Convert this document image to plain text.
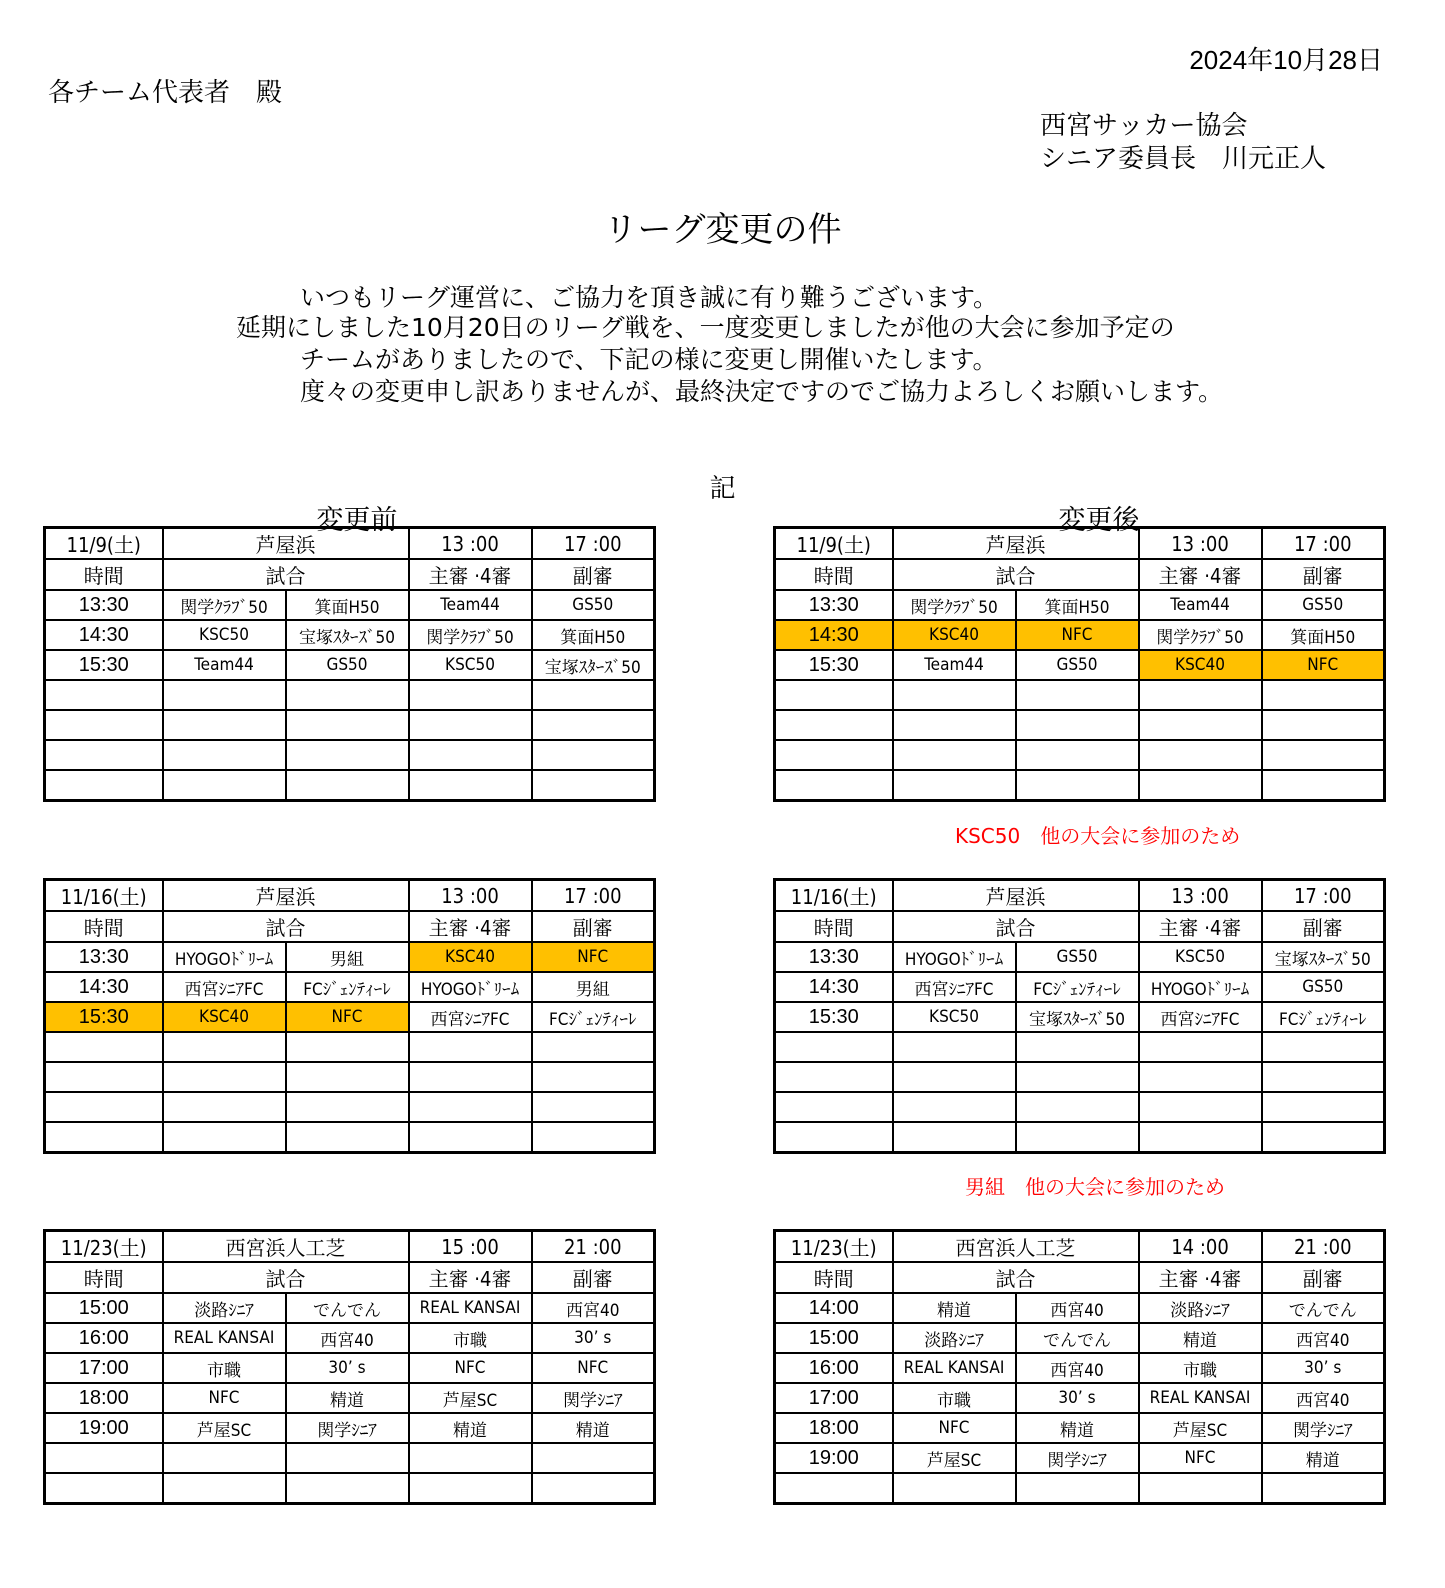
2024年10月28日
各チーム代表者　殿
西宮サッカー協会
シニア委員長　川元正人
リーグ変更の件
いつもリーグ運営に、ご協力を頂き誠に有り難うございます。
延期にしました10月20日のリーグ戦を、一度変更しましたが他の大会に参加予定の
チームがありましたので、下記の様に変更し開催いたします。
度々の変更申し訳ありませんが、最終決定ですのでご協力よろしくお願いします。
記
変更前	変更後
11/9(土)	芦屋浜		13 :00	17 :00
時間	試合		主審 ·4審	副審
13:30	関学ｸﾗﾌﾞ50	箕面H50	Team44	GS50
14:30	KSC50	宝塚ｽﾀｰｽﾞ50	関学ｸﾗﾌﾞ50	箕面H50
15:30	Team44	GS50	KSC50	宝塚ｽﾀｰｽﾞ50

11/9(土)	芦屋浜		13 :00	17 :00
時間	試合		主審 ·4審	副審
13:30	関学ｸﾗﾌﾞ50	箕面H50	Team44	GS50
14:30	KSC40	NFC	関学ｸﾗﾌﾞ50	箕面H50
15:30	Team44	GS50	KSC40	NFC

11/16(土)	芦屋浜		13 :00	17 :00
時間	試合		主審 ·4審	副審
13:30	HYOGOﾄﾞﾘｰﾑ	男組	KSC40	NFC
14:30	西宮ｼﾆｱFC	FCｼﾞｪﾝﾃｨｰﾚ	HYOGOﾄﾞﾘｰﾑ	男組
15:30	KSC40	NFC	西宮ｼﾆｱFC	FCｼﾞｪﾝﾃｨｰﾚ

11/16(土)	芦屋浜		13 :00	17 :00
時間	試合		主審 ·4審	副審
13:30	HYOGOﾄﾞﾘｰﾑ	GS50	KSC50	宝塚ｽﾀｰｽﾞ50
14:30	西宮ｼﾆｱFC	FCｼﾞｪﾝﾃｨｰﾚ	HYOGOﾄﾞﾘｰﾑ	GS50
15:30	KSC50	宝塚ｽﾀｰｽﾞ50	西宮ｼﾆｱFC	FCｼﾞｪﾝﾃｨｰﾚ

11/23(土)	西宮浜人工芝		15 :00	21 :00
時間	試合		主審 ·4審	副審
15:00	淡路ｼﾆｱ	でんでん	REAL KANSAI	西宮40
16:00	REAL KANSAI	西宮40	市職	30’ s
17:00	市職	30’ s	NFC	NFC
18:00	NFC	精道	芦屋SC	関学ｼﾆｱ
19:00	芦屋SC	関学ｼﾆｱ	精道	精道

11/23(土)	西宮浜人工芝		14 :00	21 :00
時間	試合		主審 ·4審	副審
14:00	精道	西宮40	淡路ｼﾆｱ	でんでん
15:00	淡路ｼﾆｱ	でんでん	精道	西宮40
16:00	REAL KANSAI	西宮40	市職	30’ s
17:00	市職	30’ s	REAL KANSAI	西宮40
18:00	NFC	精道	芦屋SC	関学ｼﾆｱ
19:00	芦屋SC	関学ｼﾆｱ	NFC	精道

KSC50　他の大会に参加のため
男組　他の大会に参加のため
